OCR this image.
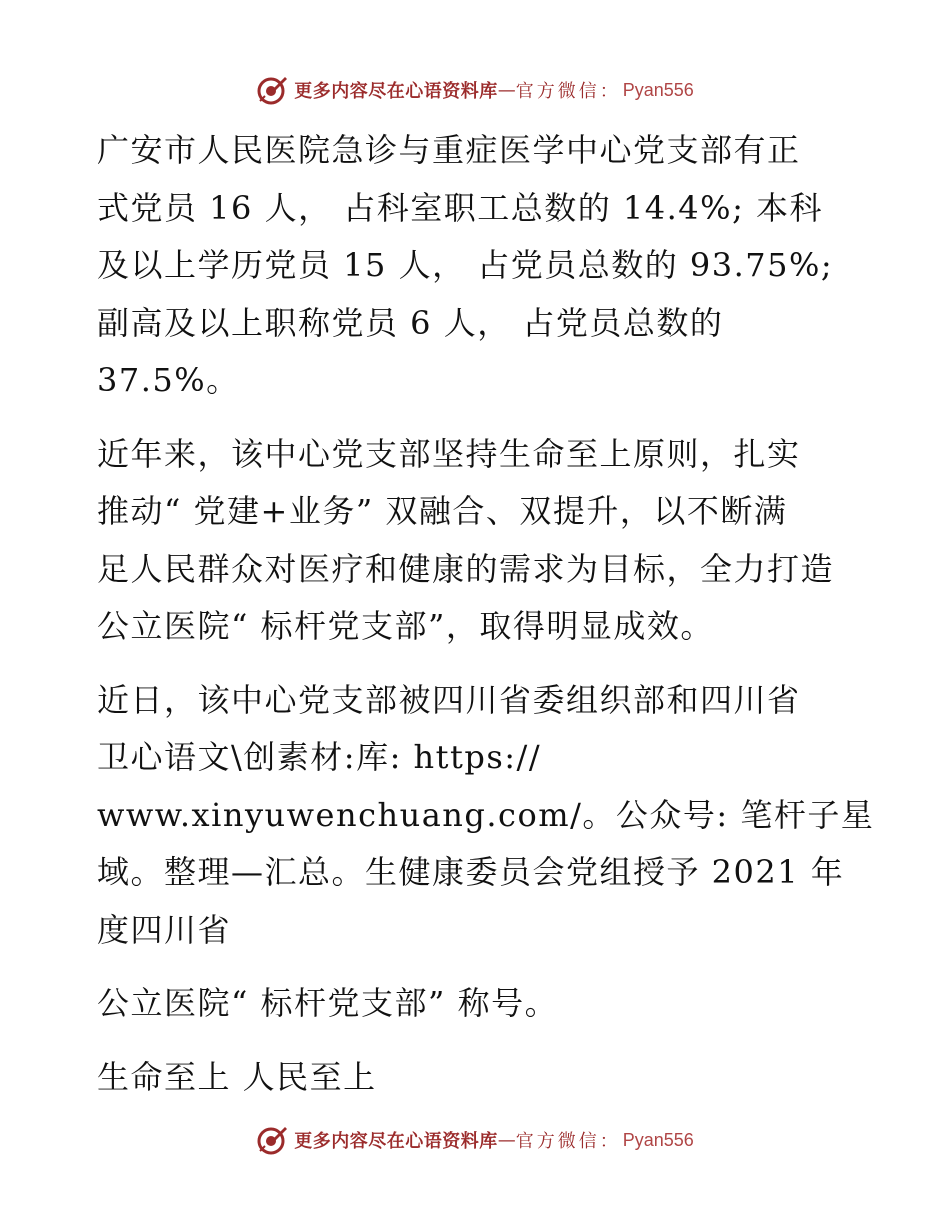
更多内容尽在心语资料库 — 官方微信： Pyan556

广安市人民医院急诊与重症医学中心党支部有正
式党员 16 人， 占科室职工总数的 14.4%; 本科
及以上学历党员 15 人， 占党员总数的 93.75%;
副高及以上职称党员 6 人， 占党员总数的
37.5%。

近年来，该中心党支部坚持生命至上原则，扎实
推动“ 党建+业务” 双融合、双提升，以不断满
足人民群众对医疗和健康的需求为目标，全力打造
公立医院“ 标杆党支部”，取得明显成效。

近日，该中心党支部被四川省委组织部和四川省
卫心语文\创素材:库: https://
www.xinyuwenchuang.com/。公众号: 笔杆子星
域。整理—汇总。生健康委员会党组授予 2021 年
度四川省

公立医院“ 标杆党支部” 称号。

生命至上 人民至上

更多内容尽在心语资料库 — 官方微信： Pyan556
